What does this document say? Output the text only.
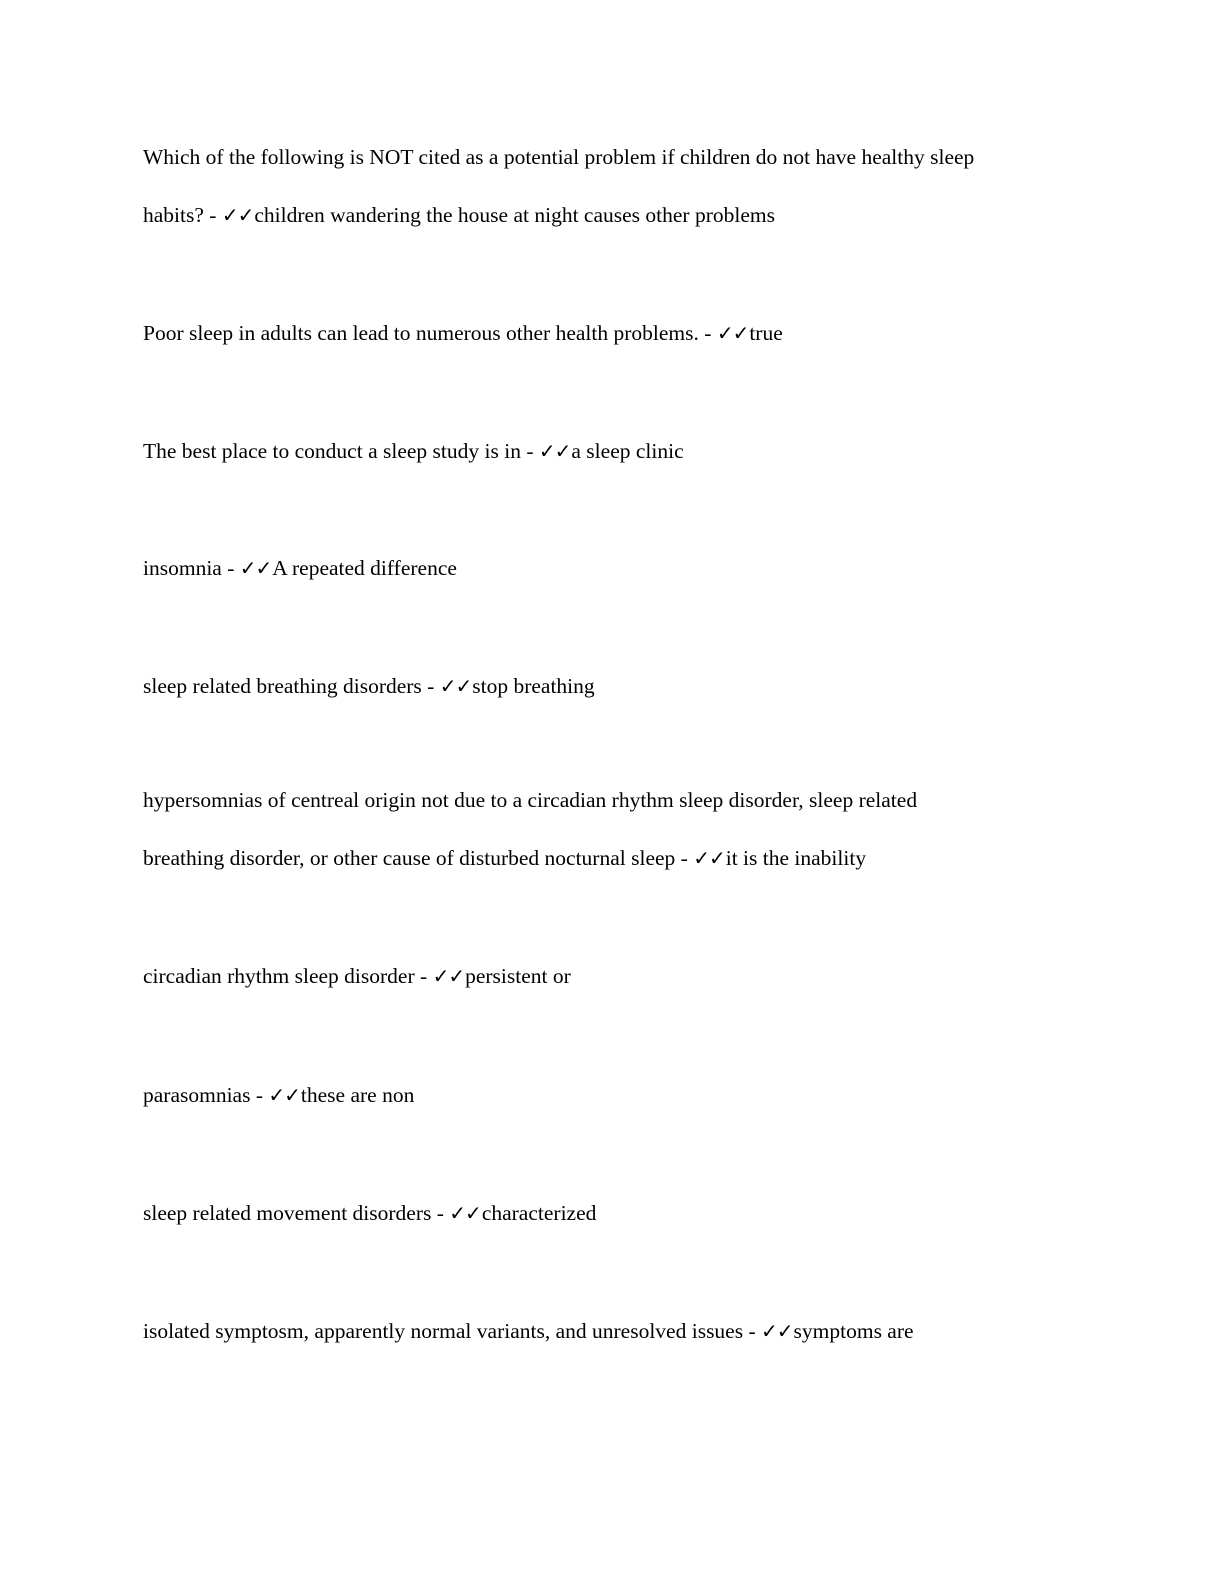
Which of the following is NOT cited as a potential problem if children do not have healthy sleep
habits? - ✓✓children wandering the house at night causes other problems
Poor sleep in adults can lead to numerous other health problems. - ✓✓true
The best place to conduct a sleep study is in - ✓✓a sleep clinic
insomnia - ✓✓A repeated difference
sleep related breathing disorders - ✓✓stop breathing
hypersomnias of centreal origin not due to a circadian rhythm sleep disorder, sleep related
breathing disorder, or other cause of disturbed nocturnal sleep - ✓✓it is the inability
circadian rhythm sleep disorder - ✓✓persistent or
parasomnias - ✓✓these are non
sleep related movement disorders - ✓✓characterized
isolated symptosm, apparently normal variants, and unresolved issues - ✓✓symptoms are
